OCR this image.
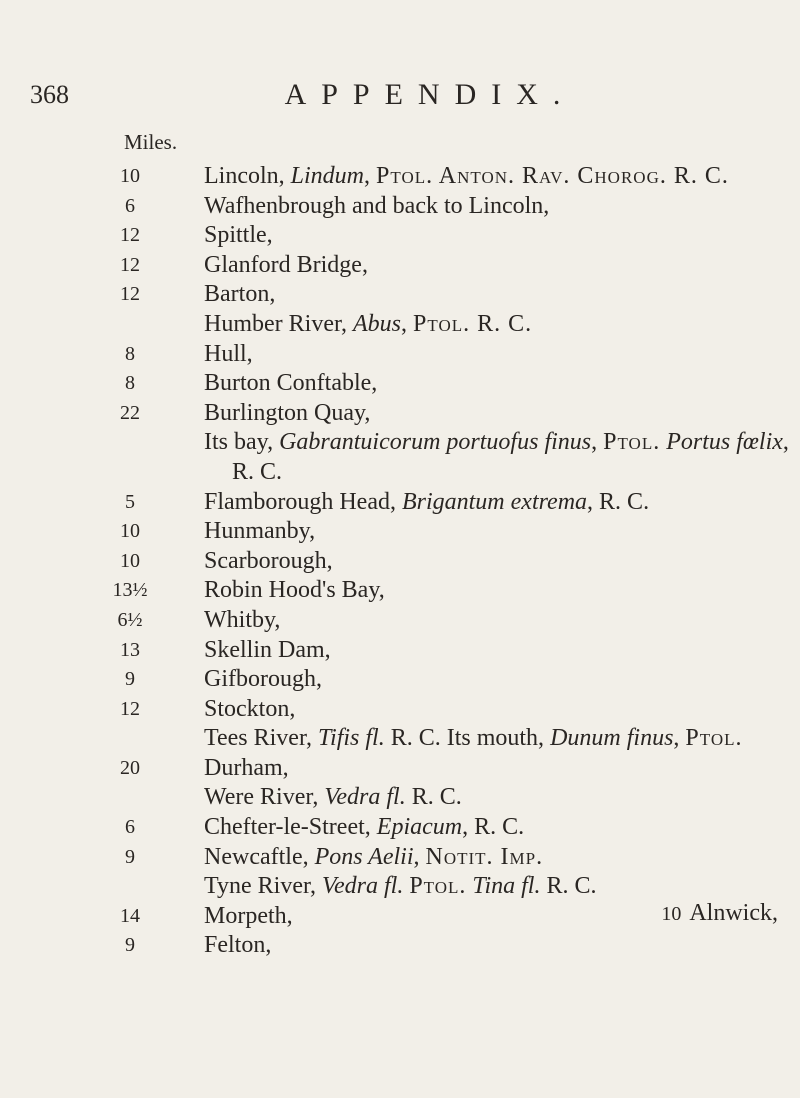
368	APPENDIX.
Miles.
10	Lincoln, Lindum, Ptol. Anton. Rav. Chorog. R. C.
6	Wafhenbrough and back to Lincoln,
12	Spittle,
12	Glanford Bridge,
12	Barton,
Humber River, Abus, Ptol. R. C.
8	Hull,
8	Burton Conftable,
22	Burlington Quay,
Its bay, Gabrantuicorum portuofus finus, Ptol. Portus fœlix,
R. C.
5	Flamborough Head, Brigantum extrema, R. C.
10	Hunmanby,
10	Scarborough,
13½ Robin Hood's Bay,
6½	Whitby,
13	Skellin Dam,
9	Gifborough,
12	Stockton,
Tees River, Tifis fl. R. C. Its mouth, Dunum finus, Ptol.
20	Durham,
Were River, Vedra fl. R. C.
6	Chefter-le-Street, Epiacum, R. C.
9	Newcaftle, Pons Aelii, Notit. Imp.
Tyne River, Vedra fl. Ptol. Tina fl. R. C.
14	Morpeth,
9	Felton,
10 Alnwick,
